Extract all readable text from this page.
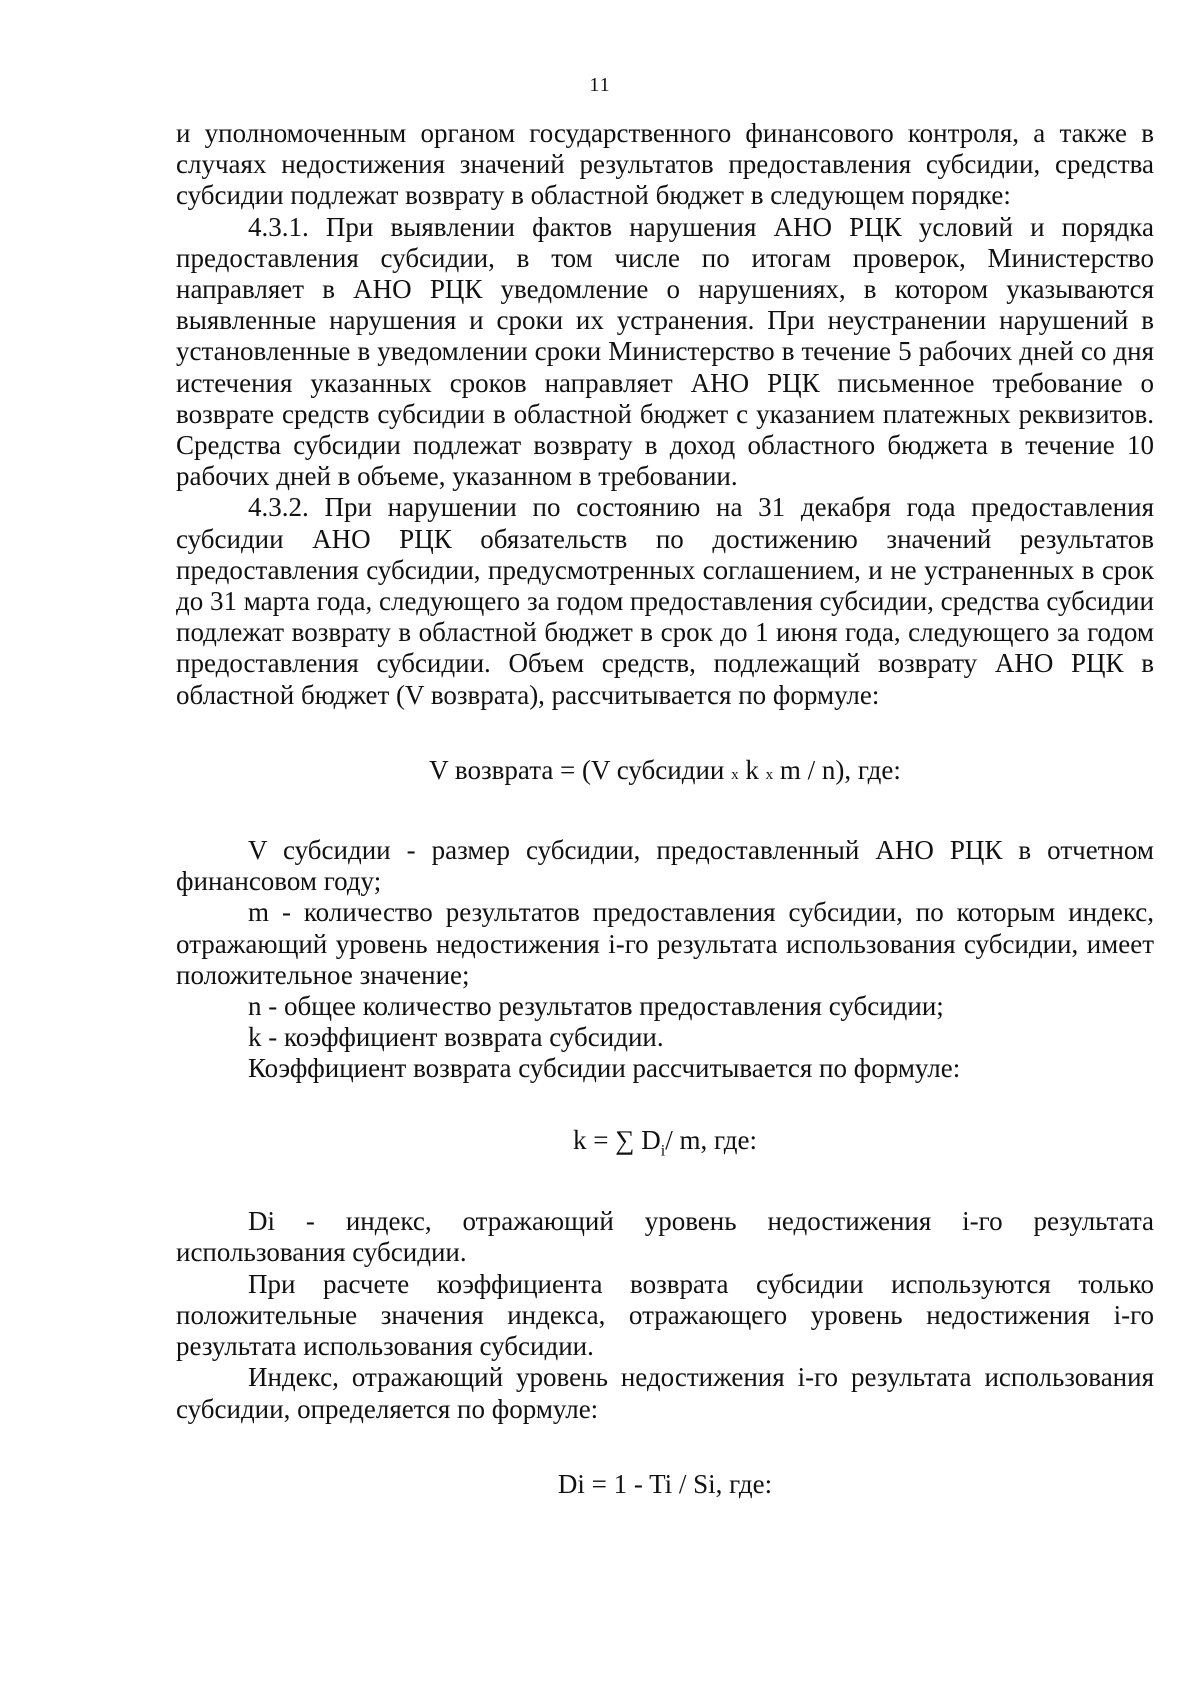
11

и уполномоченным органом государственного финансового контроля, а также в случаях недостижения значений результатов предоставления субсидии, средства субсидии подлежат возврату в областной бюджет в следующем порядке:

4.3.1. При выявлении фактов нарушения АНО РЦК условий и порядка предоставления субсидии, в том числе по итогам проверок, Министерство направляет в АНО РЦК уведомление о нарушениях, в котором указываются выявленные нарушения и сроки их устранения. При неустранении нарушений в установленные в уведомлении сроки Министерство в течение 5 рабочих дней со дня истечения указанных сроков направляет АНО РЦК письменное требование о возврате средств субсидии в областной бюджет с указанием платежных реквизитов. Средства субсидии подлежат возврату в доход областного бюджета в течение 10 рабочих дней в объеме, указанном в требовании.

4.3.2. При нарушении по состоянию на 31 декабря года предоставления субсидии АНО РЦК обязательств по достижению значений результатов предоставления субсидии, предусмотренных соглашением, и не устраненных в срок до 31 марта года, следующего за годом предоставления субсидии, средства субсидии подлежат возврату в областной бюджет в срок до 1 июня года, следующего за годом предоставления субсидии. Объем средств, подлежащий возврату АНО РЦК в областной бюджет (V возврата), рассчитывается по формуле:

V возврата = (V субсидии x k x m / n), где:

V субсидии - размер субсидии, предоставленный АНО РЦК в отчетном финансовом году;

m - количество результатов предоставления субсидии, по которым индекс, отражающий уровень недостижения i-го результата использования субсидии, имеет положительное значение;

n - общее количество результатов предоставления субсидии;

k - коэффициент возврата субсидии.

Коэффициент возврата субсидии рассчитывается по формуле:

k = ∑ $D_i/$ m, где:

Di - индекс, отражающий уровень недостижения i-го результата использования субсидии.

При расчете коэффициента возврата субсидии используются только положительные значения индекса, отражающего уровень недостижения i-го результата использования субсидии.

Индекс, отражающий уровень недостижения i-го результата использования субсидии, определяется по формуле:

Di = 1 - Ti / Si, где:
